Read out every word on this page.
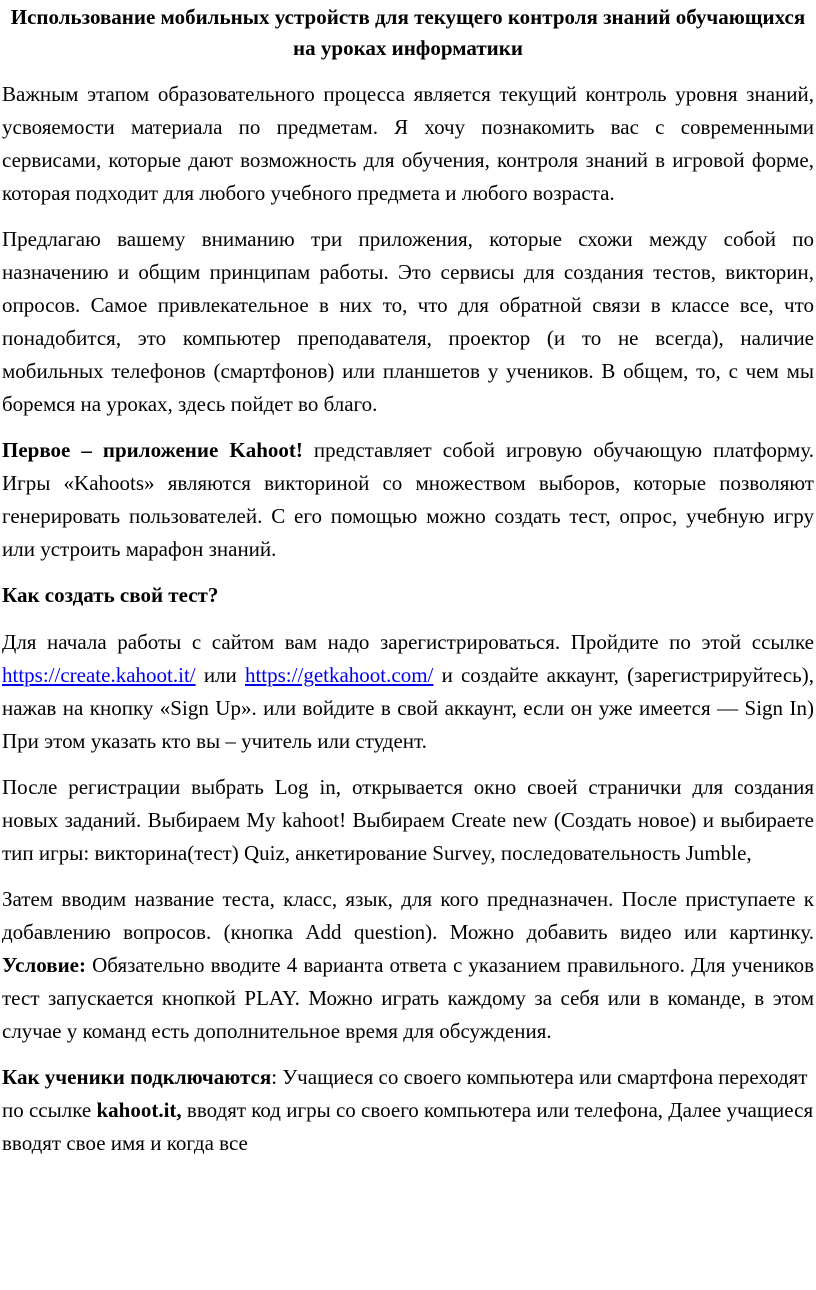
Использование мобильных устройств для текущего контроля знаний обучающихся на уроках информатики

Важным этапом образовательного процесса является текущий контроль уровня знаний, усвояемости материала по предметам. Я хочу познакомить вас с современными сервисами, которые дают возможность для обучения, контроля знаний в игровой форме, которая подходит для любого учебного предмета и любого возраста.

Предлагаю вашему вниманию три приложения, которые схожи между собой по назначению и общим принципам работы. Это сервисы для создания тестов, викторин, опросов. Самое привлекательное в них то, что для обратной связи в классе все, что понадобится, это компьютер преподавателя, проектор (и то не всегда), наличие мобильных телефонов (смартфонов) или планшетов у учеников. В общем, то, с чем мы боремся на уроках, здесь пойдет во благо.

Первое – приложение Kahoot! представляет собой игровую обучающую платформу. Игры «Kahoots» являются викториной со множеством выборов, которые позволяют генерировать пользователей. С его помощью можно создать тест, опрос, учебную игру или устроить марафон знаний.

Как создать свой тест?

Для начала работы с сайтом вам надо зарегистрироваться. Пройдите по этой ссылке https://create.kahoot.it/ или https://getkahoot.com/ и создайте аккаунт, (зарегистрируйтесь), нажав на кнопку «Sign Up». или войдите в свой аккаунт, если он уже имеется — Sign In) При этом указать кто вы – учитель или студент.

После регистрации выбрать Log in, открывается окно своей странички для создания новых заданий. Выбираем My kahoot! Выбираем Create new (Создать новое) и выбираете тип игры: викторина(тест) Quiz, анкетирование Survey, последовательность Jumble,

Затем вводим название теста, класс, язык, для кого предназначен. После приступаете к добавлению вопросов. (кнопка Add question). Можно добавить видео или картинку. Условие: Обязательно вводите 4 варианта ответа с указанием правильного. Для учеников тест запускается кнопкой PLAY. Можно играть каждому за себя или в команде, в этом случае у команд есть дополнительное время для обсуждения.

Как ученики подключаются: Учащиеся со своего компьютера или смартфона переходят по ссылке kahoot.it, вводят код игры со своего компьютера или телефона, Далее учащиеся вводят свое имя и когда все
